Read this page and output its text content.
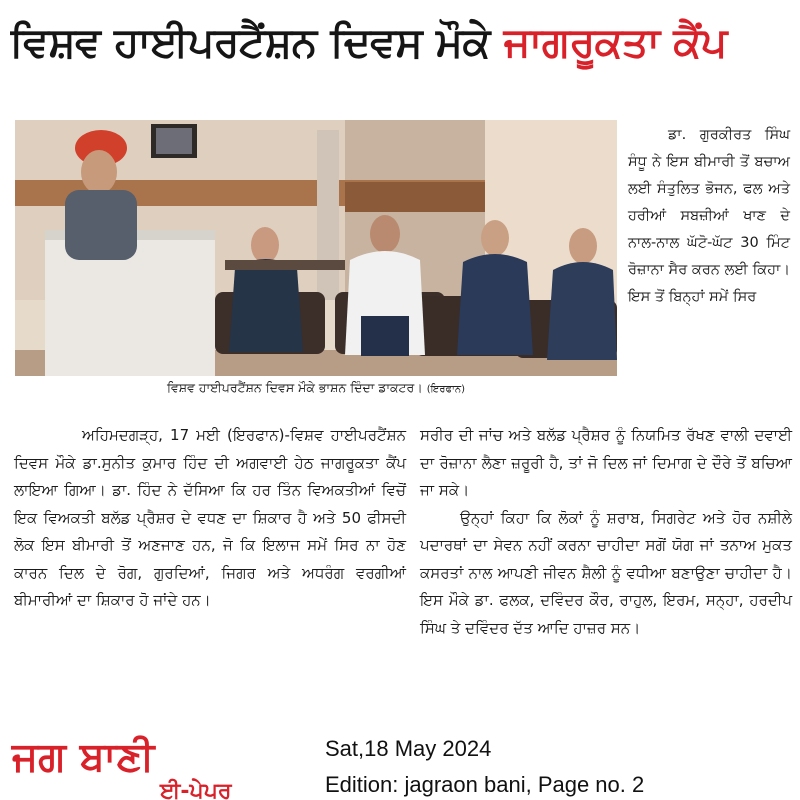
ਵਿਸ਼ਵ ਹਾਈਪਰਟੈਂਸ਼ਨ ਦਿਵਸ ਮੌਕੇ ਜਾਗਰੂਕਤਾ ਕੈਂਪ
ਵਿਸ਼ਵ ਹਾਈਪਰਟੈਂਸ਼ਨ ਦਿਵਸ ਮੌਕੇ ਭਾਸ਼ਨ ਦਿੰਦਾ ਡਾਕਟਰ। (ਇਰਫਾਨ)
ਡਾ. ਗੁਰਕੀਰਤ ਸਿੰਘ ਸੰਧੂ ਨੇ ਇਸ ਬੀਮਾਰੀ ਤੋਂ ਬਚਾਅ ਲਈ ਸੰਤੁਲਿਤ ਭੋਜਨ, ਫਲ ਅਤੇ ਹਰੀਆਂ ਸਬਜ਼ੀਆਂ ਖਾਣ ਦੇ ਨਾਲ-ਨਾਲ ਘੱਟੋ-ਘੱਟ 30 ਮਿੰਟ ਰੋਜ਼ਾਨਾ ਸੈਰ ਕਰਨ ਲਈ ਕਿਹਾ। ਇਸ ਤੋਂ ਬਿਨ੍ਹਾਂ ਸਮੇਂ ਸਿਰ
ਅਹਿਮਦਗੜ੍ਹ, 17 ਮਈ (ਇਰਫਾਨ)-ਵਿਸ਼ਵ ਹਾਈਪਰਟੈਂਸ਼ਨ ਦਿਵਸ ਮੌਕੇ ਡਾ.ਸੁਨੀਤ ਕੁਮਾਰ ਹਿੰਦ ਦੀ ਅਗਵਾਈ ਹੇਠ ਜਾਗਰੂਕਤਾ ਕੈਂਪ ਲਾਇਆ ਗਿਆ। ਡਾ. ਹਿੰਦ ਨੇ ਦੱਸਿਆ ਕਿ ਹਰ ਤਿੰਨ ਵਿਅਕਤੀਆਂ ਵਿਚੋਂ ਇਕ ਵਿਅਕਤੀ ਬਲੱਡ ਪ੍ਰੈਸ਼ਰ ਦੇ ਵਧਣ ਦਾ ਸ਼ਿਕਾਰ ਹੈ ਅਤੇ 50 ਫੀਸਦੀ ਲੋਕ ਇਸ ਬੀਮਾਰੀ ਤੋਂ ਅਣਜਾਣ ਹਨ, ਜੋ ਕਿ ਇਲਾਜ ਸਮੇਂ ਸਿਰ ਨਾ ਹੋਣ ਕਾਰਨ ਦਿਲ ਦੇ ਰੋਗ, ਗੁਰਦਿਆਂ, ਜਿਗਰ ਅਤੇ ਅਧਰੰਗ ਵਰਗੀਆਂ ਬੀਮਾਰੀਆਂ ਦਾ ਸ਼ਿਕਾਰ ਹੋ ਜਾਂਦੇ ਹਨ।

ਸਰੀਰ ਦੀ ਜਾਂਚ ਅਤੇ ਬਲੱਡ ਪ੍ਰੈਸ਼ਰ ਨੂੰ ਨਿਯਮਿਤ ਰੱਖਣ ਵਾਲੀ ਦਵਾਈ ਦਾ ਰੋਜ਼ਾਨਾ ਲੈਣਾ ਜ਼ਰੂਰੀ ਹੈ, ਤਾਂ ਜੋ ਦਿਲ ਜਾਂ ਦਿਮਾਗ ਦੇ ਦੌਰੇ ਤੋਂ ਬਚਿਆ ਜਾ ਸਕੇ।

ਉਨ੍ਹਾਂ ਕਿਹਾ ਕਿ ਲੋਕਾਂ ਨੂੰ ਸ਼ਰਾਬ, ਸਿਗਰੇਟ ਅਤੇ ਹੋਰ ਨਸ਼ੀਲੇ ਪਦਾਰਥਾਂ ਦਾ ਸੇਵਨ ਨਹੀਂ ਕਰਨਾ ਚਾਹੀਦਾ ਸਗੋਂ ਯੋਗ ਜਾਂ ਤਨਾਅ ਮੁਕਤ ਕਸਰਤਾਂ ਨਾਲ ਆਪਣੀ ਜੀਵਨ ਸ਼ੈਲੀ ਨੂੰ ਵਧੀਆ ਬਣਾਉਣਾ ਚਾਹੀਦਾ ਹੈ। ਇਸ ਮੌਕੇ ਡਾ. ਫਲਕ, ਦਵਿੰਦਰ ਕੌਰ, ਰਾਹੁਲ, ਇਰਮ, ਸਨ੍ਹਾ, ਹਰਦੀਪ ਸਿੰਘ ਤੇ ਦਵਿੰਦਰ ਦੱਤ ਆਦਿ ਹਾਜ਼ਰ ਸਨ।

ਜਗ ਬਾਣੀ
ਈ-ਪੇਪਰ
Sat,18 May 2024
Edition: jagraon bani, Page no. 2
